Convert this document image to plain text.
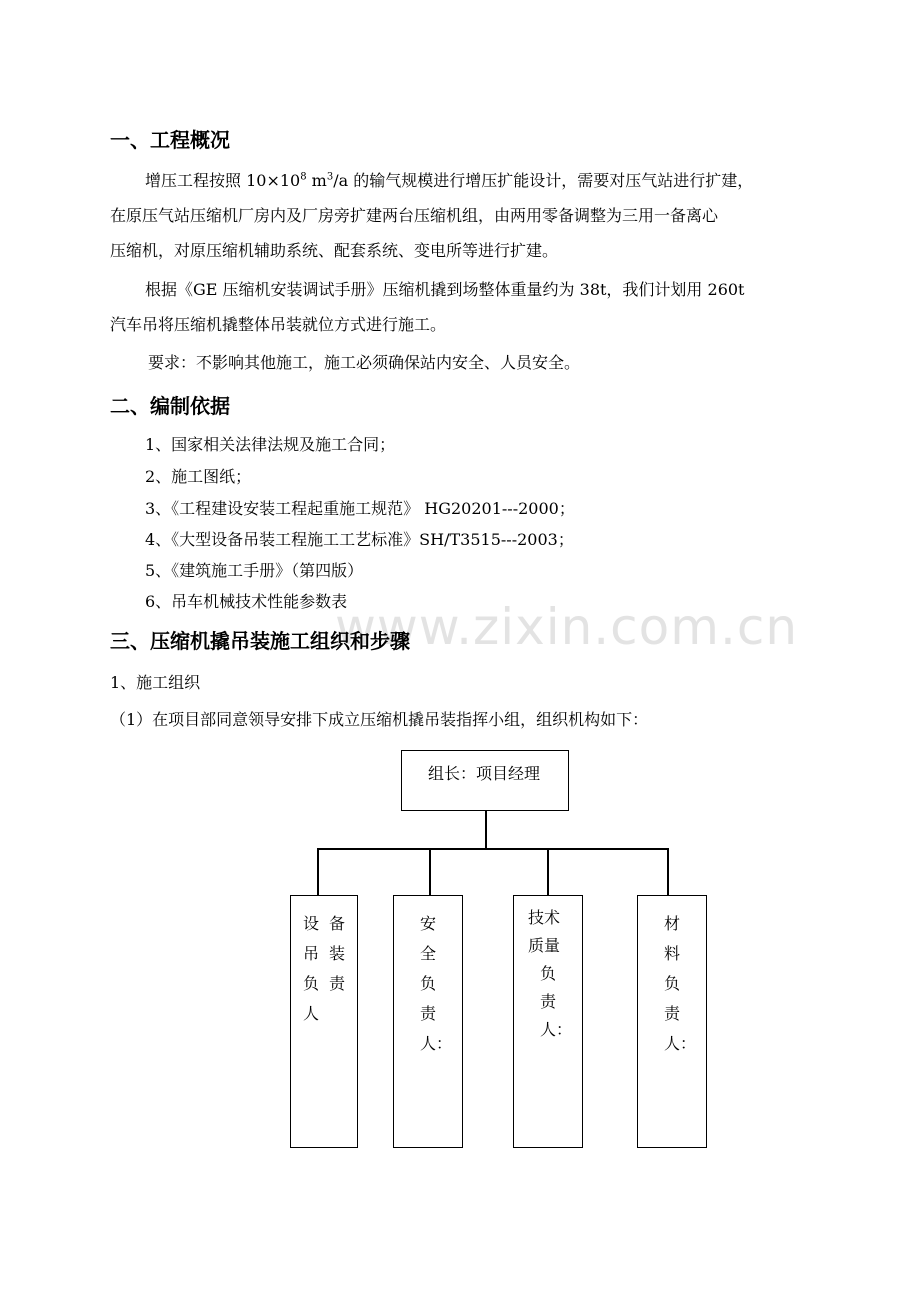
www.zixin.com.cn
一、工程概况
增压工程按照 $10\times 10^8$ $m^3/a$ 的输气规模进行增压扩能设计，需要对压气站进行扩建，
在原压气站压缩机厂房内及厂房旁扩建两台压缩机组，由两用零备调整为三用一备离心
压缩机，对原压缩机辅助系统、配套系统、变电所等进行扩建。
根据《GE 压缩机安装调试手册》压缩机撬到场整体重量约为 38t，我们计划用 260t
汽车吊将压缩机撬整体吊装就位方式进行施工。
要求：不影响其他施工，施工必须确保站内安全、人员安全。
二、编制依据
1、国家相关法律法规及施工合同；
2、施工图纸；
3、《工程建设安装工程起重施工规范》 HG20201---2000；
4、《大型设备吊装工程施工工艺标准》SH/T3515---2003；
5、《建筑施工手册》（第四版）
6、吊车机械技术性能参数表
三、压缩机撬吊装施工组织和步骤
1、施工组织
（1）在项目部同意领导安排下成立压缩机撬吊装指挥小组，组织机构如下：
组长：项目经理
设
吊
负
人
备
装
责
安
全
负
责
人：
技术
质量
负
责
人：
材
料
负
责
人：
